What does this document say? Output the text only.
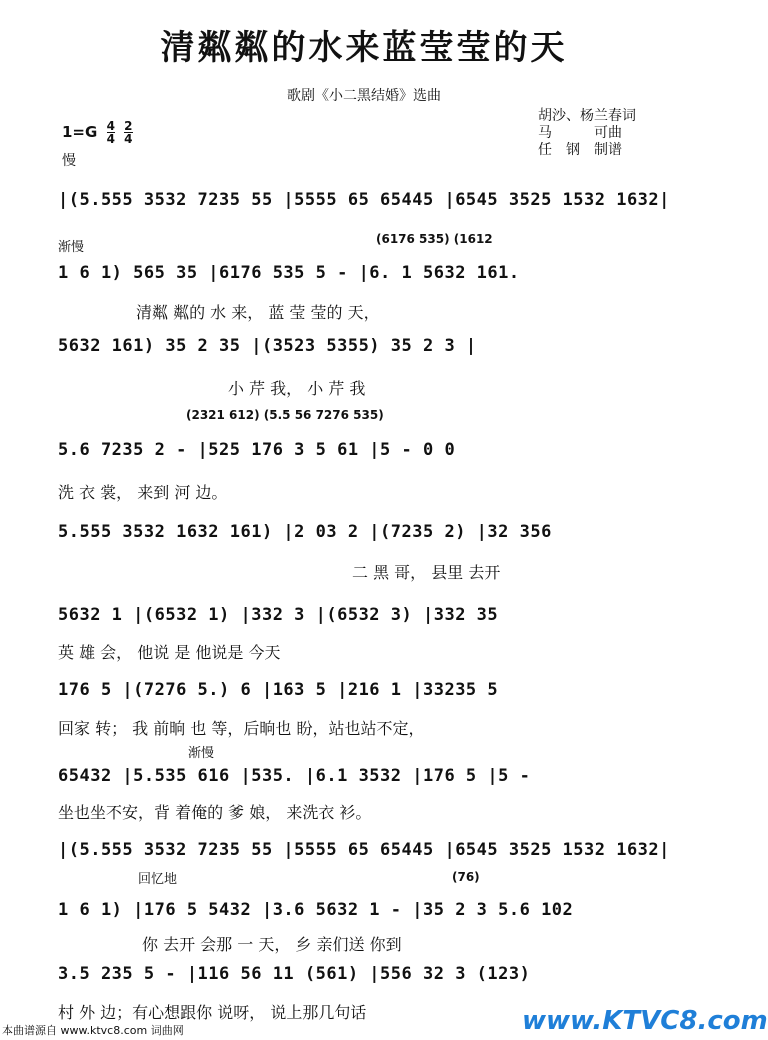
清粼粼的水来蓝莹莹的天
歌剧《小二黑结婚》选曲
胡沙、杨兰春词
马　　　可曲
任　钢　制谱
$1=G \frac{4}{4}$
$\frac{2}{4}$
慢
|(5.555 3532 7235 55 |5555 65 65445 |6545 3525 1532 1632|
渐慢
(6176 535) (1612
1 6 1) 565 35 |6176 535 5 - |6. 1 5632 161.
清粼 粼的 水 来， 蓝 莹 莹的 天，
5632 161) 35 2 35 |(3523 5355) 35 2 3 |
小 芹 我， 小 芹 我
(2321 612) (5.5 56 7276 535)
5.6 7235 2 - |525 176 3 5 61 |5 - 0 0
洗 衣 裳， 来到 河 边。
5.555 3532 1632 161) |2 03 2 |(7235 2) |32 356
二 黑 哥， 县里 去开
5632 1 |(6532 1) |332 3 |(6532 3) |332 35
英 雄 会， 他说 是 他说是 今天
176 5 |(7276 5.) 6 |163 5 |216 1 |33235 5
回家 转； 我 前晌 也 等，后晌也 盼，站也站不定，
渐慢
65432 |5.535 616 |535. |6.1 3532 |176 5 |5 -
坐也坐不安，背 着俺的 爹 娘， 来洗衣 衫。
|(5.555 3532 7235 55 |5555 65 65445 |6545 3525 1532 1632|
回忆地	(76)
1 6 1) |176 5 5432 |3.6 5632 1 - |35 2 3 5.6 102
你 去开 会那 一 天， 乡 亲们送 你到
3.5 235 5 - |116 56 11 (561) |556 32 3 (123)
村 外 边；有心想跟你 说呀， 说上那几句话
本曲谱源自 www.ktvc8.com 词曲网	www.KTVC8.com
